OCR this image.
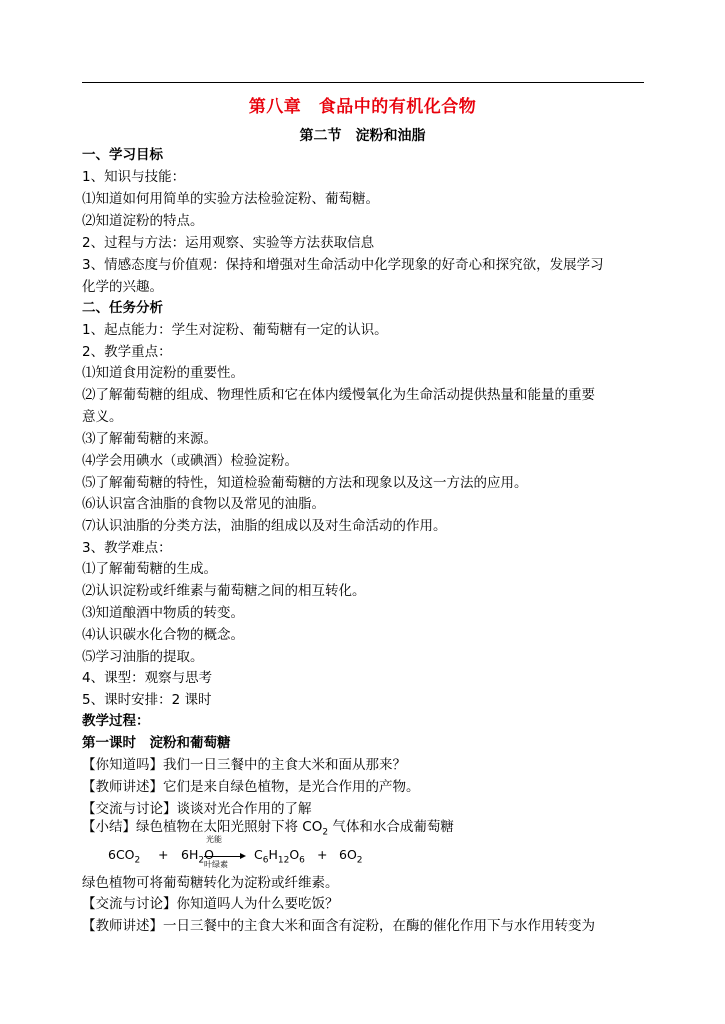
第八章　食品中的有机化合物
第二节　淀粉和油脂
一、学习目标
1、知识与技能：
⑴知道如何用简单的实验方法检验淀粉、葡萄糖。
⑵知道淀粉的特点。
2、过程与方法：运用观察、实验等方法获取信息
3、情感态度与价值观：保持和增强对生命活动中化学现象的好奇心和探究欲，发展学习
化学的兴趣。
二、任务分析
1、起点能力：学生对淀粉、葡萄糖有一定的认识。
2、教学重点：
⑴知道食用淀粉的重要性。
⑵了解葡萄糖的组成、物理性质和它在体内缓慢氧化为生命活动提供热量和能量的重要
意义。
⑶了解葡萄糖的来源。
⑷学会用碘水（或碘酒）检验淀粉。
⑸了解葡萄糖的特性，知道检验葡萄糖的方法和现象以及这一方法的应用。
⑹认识富含油脂的食物以及常见的油脂。
⑺认识油脂的分类方法，油脂的组成以及对生命活动的作用。
3、教学难点：
⑴了解葡萄糖的生成。
⑵认识淀粉或纤维素与葡萄糖之间的相互转化。
⑶知道酿酒中物质的转变。
⑷认识碳水化合物的概念。
⑸学习油脂的提取。
4、课型：观察与思考
5、课时安排：2 课时
教学过程：
第一课时　淀粉和葡萄糖
【你知道吗】我们一日三餐中的主食大米和面从那来？
【教师讲述】它们是来自绿色植物，是光合作用的产物。
【交流与讨论】谈谈对光合作用的了解
【小结】绿色植物在太阳光照射下将 $CO_2$ 气体和水合成葡萄糖
$6CO_2 + 6H_2O$
光能
叶绿素
$C_6H_{12}O_6 + 6O_2$
绿色植物可将葡萄糖转化为淀粉或纤维素。
【交流与讨论】你知道吗人为什么要吃饭？
【教师讲述】一日三餐中的主食大米和面含有淀粉，在酶的催化作用下与水作用转变为
